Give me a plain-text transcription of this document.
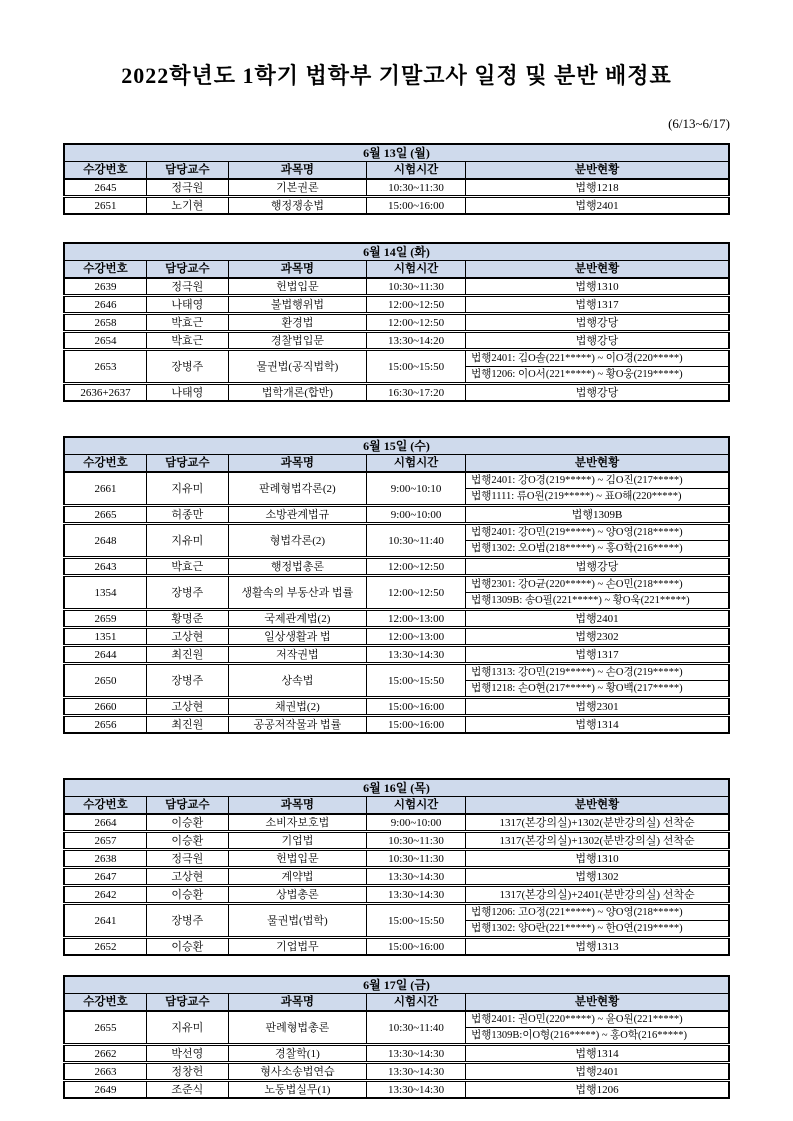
2022학년도 1학기 법학부 기말고사 일정 및 분반 배정표
(6/13~6/17)
6월 13일 (월)				
수강번호	담당교수	과목명	시험시간	분반현황
2645	정극원	기본권론	10:30~11:30	법행1218
2651	노기현	행정쟁송법	15:00~16:00	법행2401
6월 14일 (화)				
수강번호	담당교수	과목명	시험시간	분반현황
2639	정극원	헌법입문	10:30~11:30	법행1310
2646	나태영	불법행위법	12:00~12:50	법행1317
2658	박효근	환경법	12:00~12:50	법행강당
2654	박효근	경찰법입문	13:30~14:20	법행강당
2653	장병주	물권법(공직법학)	15:00~15:50	법행2401: 김O솔(221*****) ~ 이O경(220*****)
				법행1206: 이O서(221*****) ~ 황O웅(219*****)
2636+2637	나태영	법학개론(합반)	16:30~17:20	법행강당
6월 15일 (수)				
수강번호	담당교수	과목명	시험시간	분반현황
2661	지유미	판례형법각론(2)	9:00~10:10	법행2401: 강O경(219*****) ~ 김O진(217*****)
				법행1111: 류O원(219*****) ~ 표O해(220*****)
2665	허종만	소방관계법규	9:00~10:00	법행1309B
2648	지유미	형법각론(2)	10:30~11:40	법행2401: 강O민(219*****) ~ 양O영(218*****)
				법행1302: 오O범(218*****) ~ 홍O학(216*****)
2643	박효근	행정법총론	12:00~12:50	법행강당
1354	장병주	생활속의 부동산과 법률	12:00~12:50	법행2301: 강O균(220*****) ~ 손O민(218*****)
				법행1309B: 송O필(221*****) ~ 황O욱(221*****)
2659	황명준	국제관계법(2)	12:00~13:00	법행2401
1351	고상현	일상생활과 법	12:00~13:00	법행2302
2644	최진원	저작권법	13:30~14:30	법행1317
2650	장병주	상속법	15:00~15:50	법행1313: 강O민(219*****) ~ 손O경(219*****)
				법행1218: 손O현(217*****) ~ 황O백(217*****)
2660	고상현	채권법(2)	15:00~16:00	법행2301
2656	최진원	공공저작물과 법률	15:00~16:00	법행1314
6월 16일 (목)				
수강번호	담당교수	과목명	시험시간	분반현황
2664	이승환	소비자보호법	9:00~10:00	1317(본강의실)+1302(분반강의실) 선착순
2657	이승환	기업법	10:30~11:30	1317(본강의실)+1302(분반강의실) 선착순
2638	정극원	헌법입문	10:30~11:30	법행1310
2647	고상현	계약법	13:30~14:30	법행1302
2642	이승환	상법총론	13:30~14:30	1317(본강의실)+2401(분반강의실) 선착순
2641	장병주	물권법(법학)	15:00~15:50	법행1206: 고O정(221*****) ~ 양O영(218*****)
				법행1302: 양O란(221*****) ~ 한O연(219*****)
2652	이승환	기업법무	15:00~16:00	법행1313
6월 17일 (금)				
수강번호	담당교수	과목명	시험시간	분반현황
2655	지유미	판례형법총론	10:30~11:40	법행2401: 권O민(220*****) ~ 윤O원(221*****)
				법행1309B:이O형(216*****) ~ 홍O학(216*****)
2662	박선영	경찰학(1)	13:30~14:30	법행1314
2663	정창헌	형사소송법연습	13:30~14:30	법행2401
2649	조준식	노동법실무(1)	13:30~14:30	법행1206
